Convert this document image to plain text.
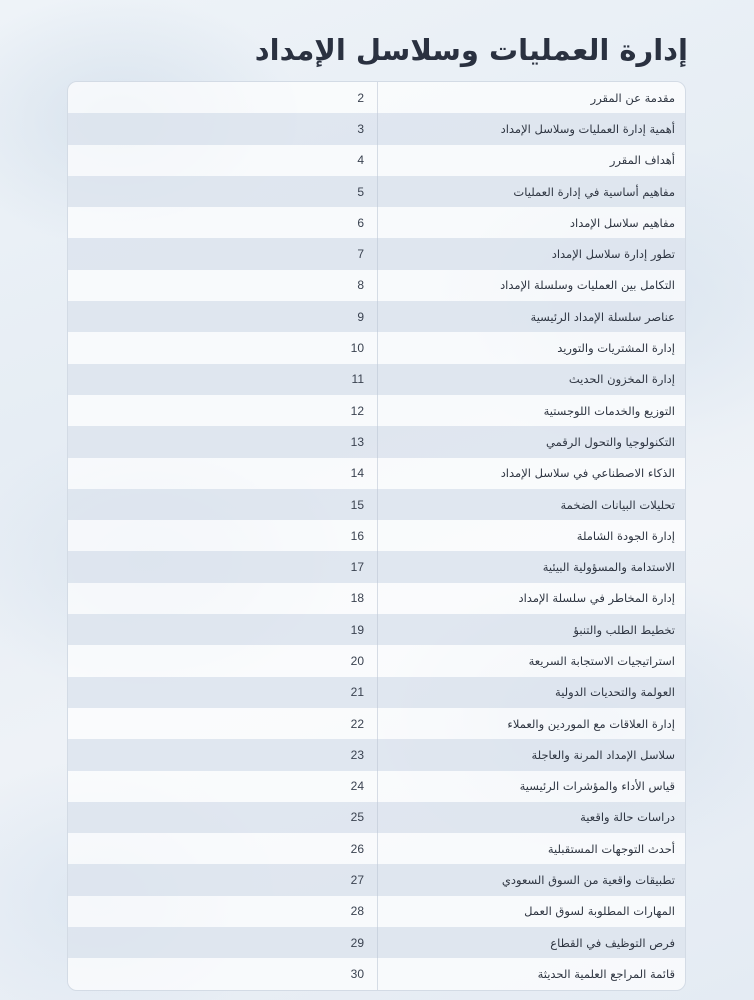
إدارة العمليات وسلاسل الإمداد
مقدمة عن المقرر
2
أهمية إدارة العمليات وسلاسل الإمداد
3
أهداف المقرر
4
مفاهيم أساسية في إدارة العمليات
5
مفاهيم سلاسل الإمداد
6
تطور إدارة سلاسل الإمداد
7
التكامل بين العمليات وسلسلة الإمداد
8
عناصر سلسلة الإمداد الرئيسية
9
إدارة المشتريات والتوريد
10
إدارة المخزون الحديث
11
التوزيع والخدمات اللوجستية
12
التكنولوجيا والتحول الرقمي
13
الذكاء الاصطناعي في سلاسل الإمداد
14
تحليلات البيانات الضخمة
15
إدارة الجودة الشاملة
16
الاستدامة والمسؤولية البيئية
17
إدارة المخاطر في سلسلة الإمداد
18
تخطيط الطلب والتنبؤ
19
استراتيجيات الاستجابة السريعة
20
العولمة والتحديات الدولية
21
إدارة العلاقات مع الموردين والعملاء
22
سلاسل الإمداد المرنة والعاجلة
23
قياس الأداء والمؤشرات الرئيسية
24
دراسات حالة واقعية
25
أحدث التوجهات المستقبلية
26
تطبيقات واقعية من السوق السعودي
27
المهارات المطلوبة لسوق العمل
28
فرص التوظيف في القطاع
29
قائمة المراجع العلمية الحديثة
30
